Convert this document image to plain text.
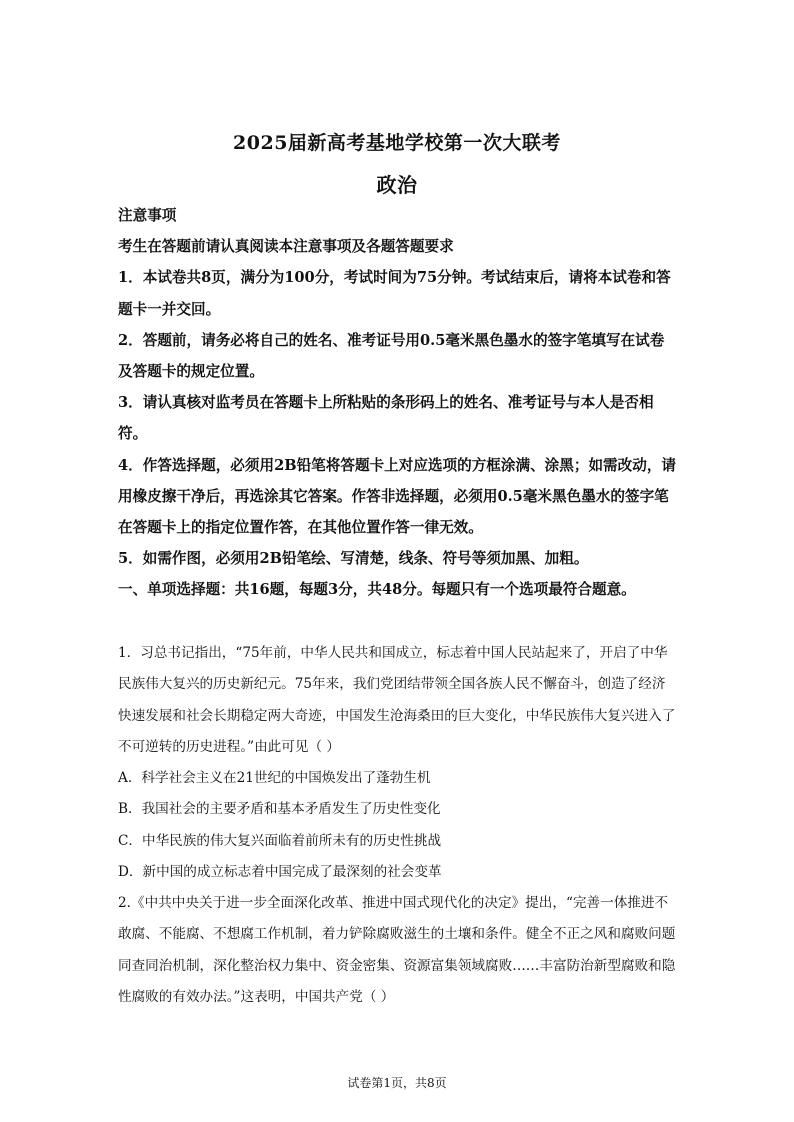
2025届新高考基地学校第一次大联考
政治

注意事项

考生在答题前请认真阅读本注意事项及各题答题要求

1．本试卷共8页，满分为100分，考试时间为75分钟。考试结束后，请将本试卷和答题卡一并交回。

2．答题前，请务必将自己的姓名、准考证号用0.5毫米黑色墨水的签字笔填写在试卷及答题卡的规定位置。

3．请认真核对监考员在答题卡上所粘贴的条形码上的姓名、准考证号与本人是否相符。

4．作答选择题，必须用2B铅笔将答题卡上对应选项的方框涂满、涂黑；如需改动，请用橡皮擦干净后，再选涂其它答案。作答非选择题，必须用0.5毫米黑色墨水的签字笔在答题卡上的指定位置作答，在其他位置作答一律无效。

5．如需作图，必须用2B铅笔绘、写清楚，线条、符号等须加黑、加粗。

一、单项选择题：共16题，每题3分，共48分。每题只有一个选项最符合题意。

1．习总书记指出，“75年前，中华人民共和国成立，标志着中国人民站起来了，开启了中华民族伟大复兴的历史新纪元。75年来，我们党团结带领全国各族人民不懈奋斗，创造了经济快速发展和社会长期稳定两大奇迹，中国发生沧海桑田的巨大变化，中华民族伟大复兴进入了不可逆转的历史进程。”由此可见（ ）

A．科学社会主义在21世纪的中国焕发出了蓬勃生机
B．我国社会的主要矛盾和基本矛盾发生了历史性变化
C．中华民族的伟大复兴面临着前所未有的历史性挑战
D．新中国的成立标志着中国完成了最深刻的社会变革

2.《中共中央关于进一步全面深化改革、推进中国式现代化的决定》提出，“完善一体推进不敢腐、不能腐、不想腐工作机制，着力铲除腐败滋生的土壤和条件。健全不正之风和腐败问题同查同治机制，深化整治权力集中、资金密集、资源富集领域腐败……丰富防治新型腐败和隐性腐败的有效办法。”这表明，中国共产党（ ）

试卷第1页，共8页
